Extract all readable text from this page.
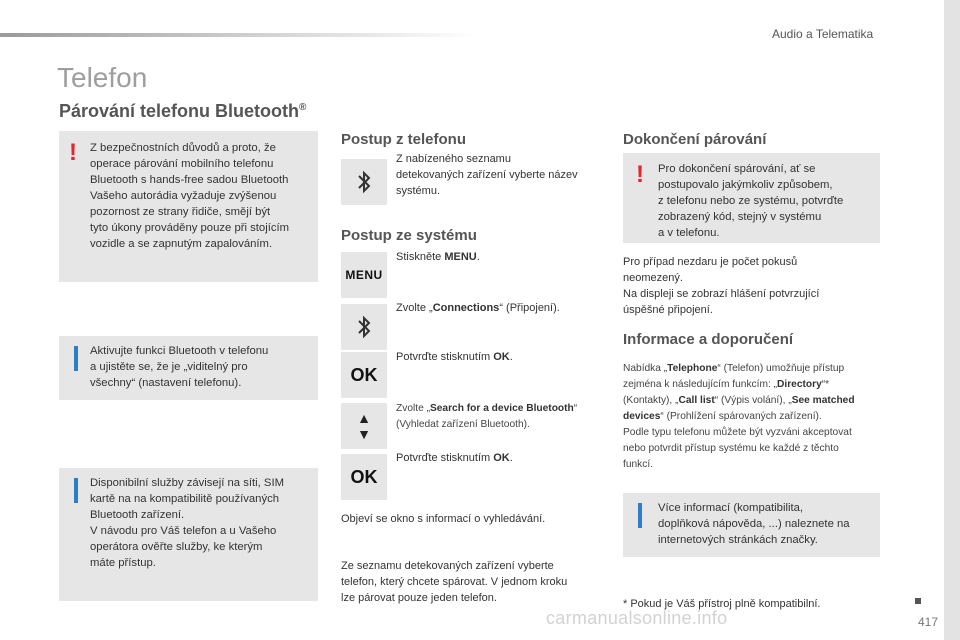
Audio a Telematika
Telefon
Párování telefonu Bluetooth®
! Z bezpečnostních důvodů a proto, že
operace párování mobilního telefonu
Bluetooth s hands-free sadou Bluetooth
Vašeho autorádia vyžaduje zvýšenou
pozornost ze strany řidiče, smějí být
tyto úkony prováděny pouze při stojícím
vozidle a se zapnutým zapalováním.
Aktivujte funkci Bluetooth v telefonu
a ujistěte se, že je „viditelný pro
všechny“ (nastavení telefonu).
Disponibilní služby závisejí na síti, SIM
kartě na na kompatibilitě používaných
Bluetooth zařízení.
V návodu pro Váš telefon a u Vašeho
operátora ověřte služby, ke kterým
máte přístup.
Postup z telefonu
Z nabízeného seznamu
detekovaných zařízení vyberte název
systému.
Postup ze systému
MENU
Stiskněte MENU.
Zvolte „Connections“ (Připojení).
OK
Potvrďte stisknutím OK.
▲
▼
Zvolte „Search for a device Bluetooth“
(Vyhledat zařízení Bluetooth).
OK
Potvrďte stisknutím OK.
Objeví se okno s informací o vyhledávání.
Ze seznamu detekovaných zařízení vyberte
telefon, který chcete spárovat. V jednom kroku
lze párovat pouze jeden telefon.
Dokončení párování
! Pro dokončení spárování, ať se
postupovalo jakýmkoliv způsobem,
z telefonu nebo ze systému, potvrďte
zobrazený kód, stejný v systému
a v telefonu.
Pro případ nezdaru je počet pokusů
neomezený.
Na displeji se zobrazí hlášení potvrzující
úspěšné připojení.
Informace a doporučení
Nabídka „Telephone“ (Telefon) umožňuje přístup
zejména k následujícím funkcím: „Directory“*
(Kontakty), „Call list“ (Výpis volání), „See matched
devices“ (Prohlížení spárovaných zařízení).
Podle typu telefonu můžete být vyzváni akceptovat
nebo potvrdit přístup systému ke každé z těchto
funkcí.
Více informací (kompatibilita,
doplňková nápověda, ...) naleznete na
internetových stránkách značky.
* Pokud je Váš přístroj plně kompatibilní.
carmanualsonline.info	417
